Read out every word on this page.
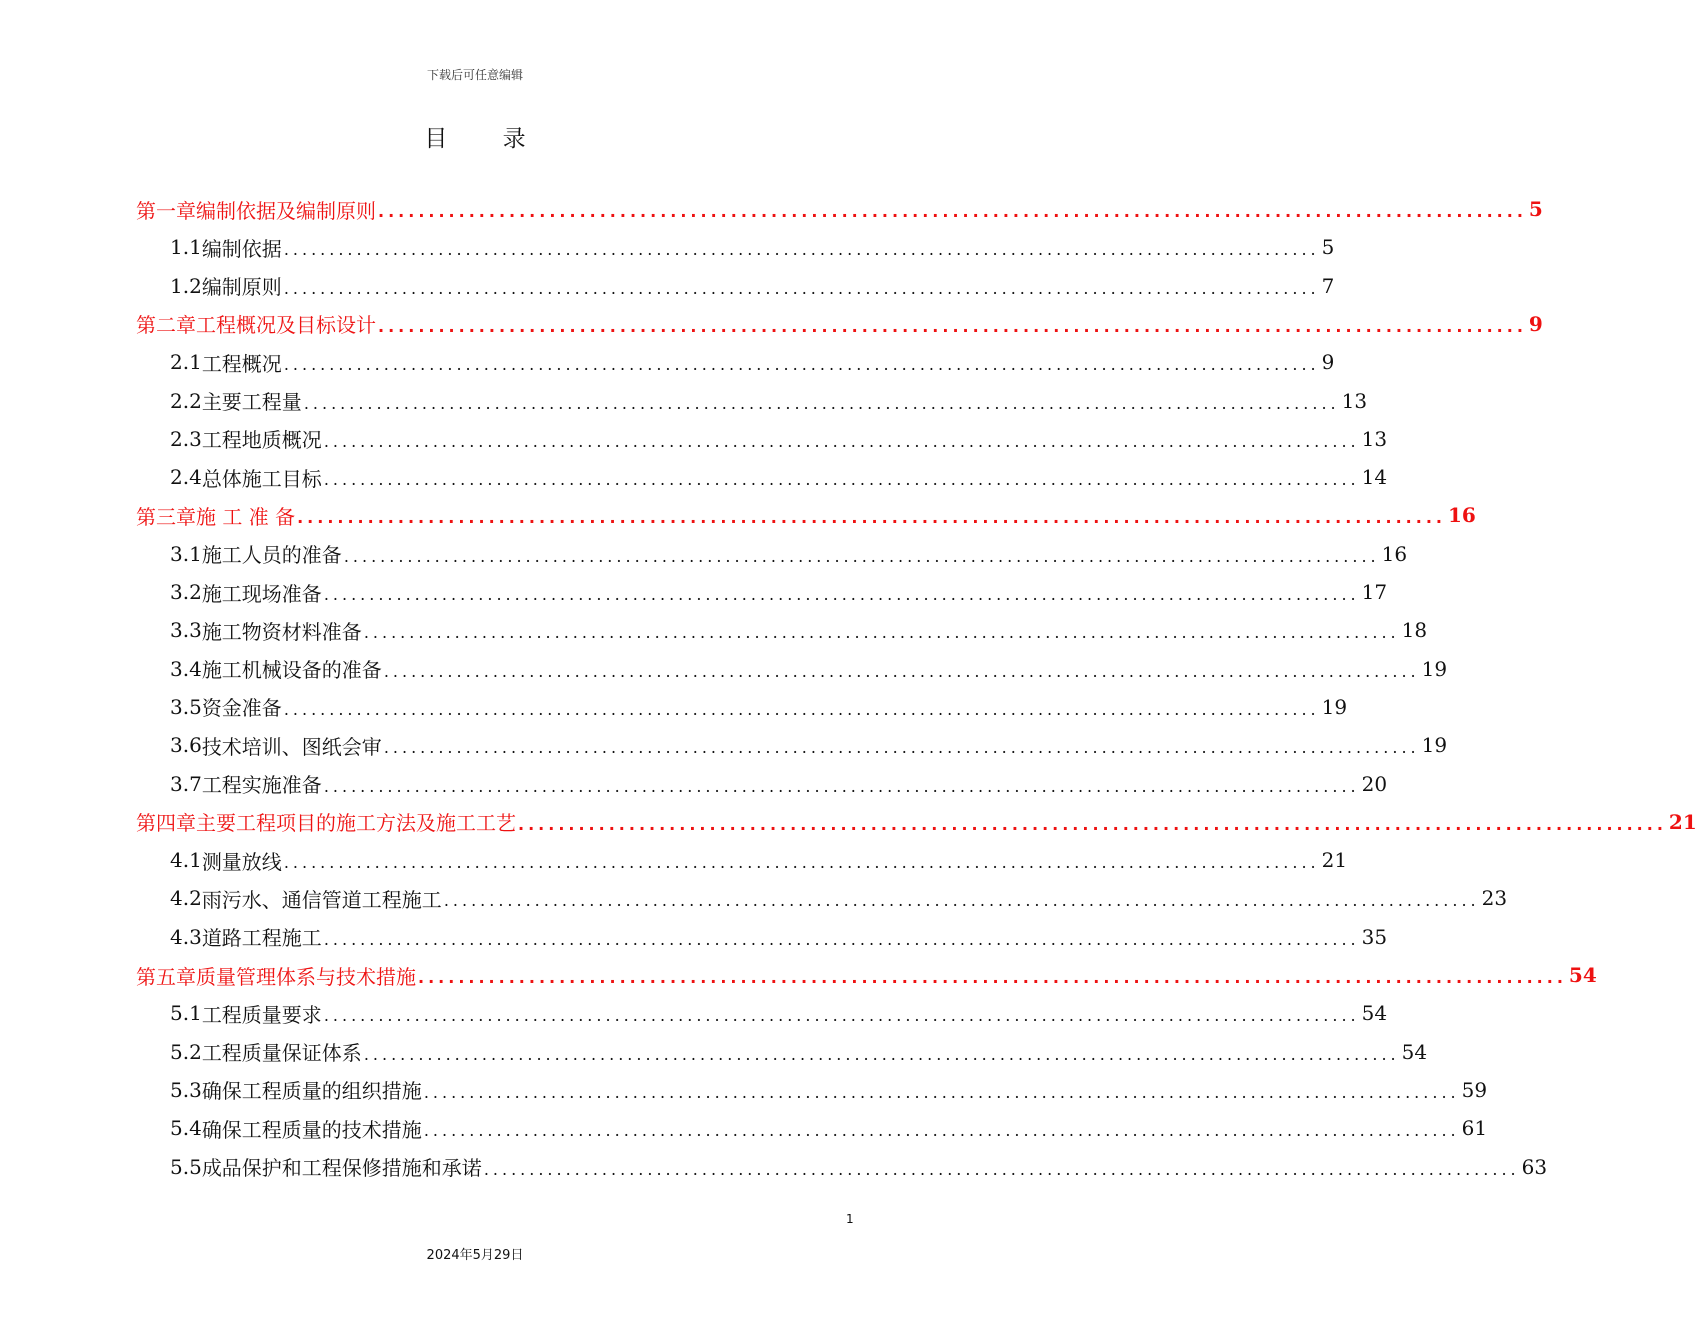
下载后可任意编辑
目 录
第一章 编制依据及编制原则 .................................................................................................................. 5
1.1 编制依据 .................................................................................................................. 5
1.2 编制原则 .................................................................................................................. 7
第二章 工程概况及目标设计 .................................................................................................................. 9
2.1 工程概况 .................................................................................................................. 9
2.2 主要工程量 .................................................................................................................. 13
2.3 工程地质概况 .................................................................................................................. 13
2.4 总体施工目标 .................................................................................................................. 14
第三章 施 工 准 备 .................................................................................................................. 16
3.1 施工人员的准备 .................................................................................................................. 16
3.2 施工现场准备 .................................................................................................................. 17
3.3 施工物资材料准备 .................................................................................................................. 18
3.4 施工机械设备的准备 .................................................................................................................. 19
3.5 资金准备 .................................................................................................................. 19
3.6 技术培训、图纸会审 .................................................................................................................. 19
3.7 工程实施准备 .................................................................................................................. 20
第四章 主要工程项目的施工方法及施工工艺 .................................................................................................................. 21
4.1 测量放线 .................................................................................................................. 21
4.2 雨污水、通信管道工程施工 .................................................................................................................. 23
4.3 道路工程施工 .................................................................................................................. 35
第五章 质量管理体系与技术措施 .................................................................................................................. 54
5.1 工程质量要求 .................................................................................................................. 54
5.2 工程质量保证体系 .................................................................................................................. 54
5.3 确保工程质量的组织措施 .................................................................................................................. 59
5.4 确保工程质量的技术措施 .................................................................................................................. 61
5.5 成品保护和工程保修措施和承诺 .................................................................................................................. 63
1
2024年5月29日
